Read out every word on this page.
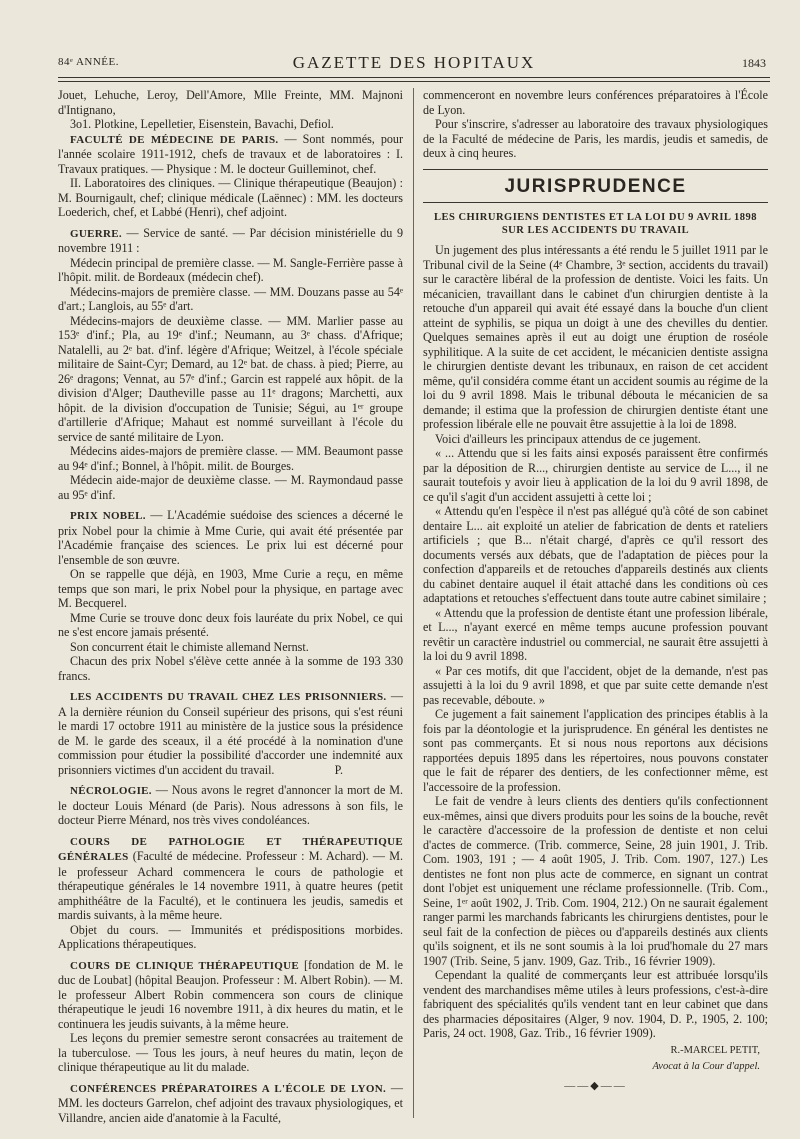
84ᵉ ANNÉE.	GAZETTE DES HOPITAUX	1843

Jouet, Lehuche, Leroy, Dell'Amore, Mlle Freinte, MM. Majnoni d'Intignano,

3o1. Plotkine, Lepelletier, Eisenstein, Bavachi, Defiol.

FACULTÉ DE MÉDECINE DE PARIS. — Sont nommés, pour l'année scolaire 1911-1912, chefs de travaux et de laboratoires : I. Travaux pratiques. — Physique : M. le docteur Guilleminot, chef.

II. Laboratoires des cliniques. — Clinique thérapeutique (Beaujon) : M. Bournigault, chef; clinique médicale (Laënnec) : MM. les docteurs Loederich, chef, et Labbé (Henri), chef adjoint.

GUERRE. — Service de santé. — Par décision ministérielle du 9 novembre 1911 :

Médecin principal de première classe. — M. Sangle-Ferrière passe à l'hôpit. milit. de Bordeaux (médecin chef).

Médecins-majors de première classe. — MM. Douzans passe au 54ᵉ d'art.; Langlois, au 55ᵉ d'art.

Médecins-majors de deuxième classe. — MM. Marlier passe au 153ᵉ d'inf.; Pla, au 19ᵉ d'inf.; Neumann, au 3ᵉ chass. d'Afrique; Natalelli, au 2ᵉ bat. d'inf. légère d'Afrique; Weitzel, à l'école spéciale militaire de Saint-Cyr; Demard, au 12ᵉ bat. de chass. à pied; Pierre, au 26ᵉ dragons; Vennat, au 57ᵉ d'inf.; Garcin est rappelé aux hôpit. de la division d'Alger; Dautheville passe au 11ᵉ dragons; Marchetti, aux hôpit. de la division d'occupation de Tunisie; Ségui, au 1ᵉʳ groupe d'artillerie d'Afrique; Mahaut est nommé surveillant à l'école du service de santé militaire de Lyon.

Médecins aides-majors de première classe. — MM. Beaumont passe au 94ᵉ d'inf.; Bonnel, à l'hôpit. milit. de Bourges.

Médecin aide-major de deuxième classe. — M. Raymondaud passe au 95ᵉ d'inf.

PRIX NOBEL. — L'Académie suédoise des sciences a décerné le prix Nobel pour la chimie à Mme Curie, qui avait été présentée par l'Académie française des sciences. Le prix lui est décerné pour l'ensemble de son œuvre.

On se rappelle que déjà, en 1903, Mme Curie a reçu, en même temps que son mari, le prix Nobel pour la physique, en partage avec M. Becquerel.

Mme Curie se trouve donc deux fois lauréate du prix Nobel, ce qui ne s'est encore jamais présenté.

Son concurrent était le chimiste allemand Nernst.

Chacun des prix Nobel s'élève cette année à la somme de 193 330 francs.

LES ACCIDENTS DU TRAVAIL CHEZ LES PRISONNIERS. — A la dernière réunion du Conseil supérieur des prisons, qui s'est réuni le mardi 17 octobre 1911 au ministère de la justice sous la présidence de M. le garde des sceaux, il a été procédé à la nomination d'une commission pour étudier la possibilité d'accorder une indemnité aux prisonniers victimes d'un accident du travail.	P.

NÉCROLOGIE. — Nous avons le regret d'annoncer la mort de M. le docteur Louis Ménard (de Paris). Nous adressons à son fils, le docteur Pierre Ménard, nos très vives condoléances.

COURS DE PATHOLOGIE ET THÉRAPEUTIQUE GÉNÉRALES (Faculté de médecine. Professeur : M. Achard). — M. le professeur Achard commencera le cours de pathologie et thérapeutique générales le 14 novembre 1911, à quatre heures (petit amphithéâtre de la Faculté), et le continuera les jeudis, samedis et mardis suivants, à la même heure.

Objet du cours. — Immunités et prédispositions morbides. Applications thérapeutiques.

COURS DE CLINIQUE THÉRAPEUTIQUE [fondation de M. le duc de Loubat] (hôpital Beaujon. Professeur : M. Albert Robin). — M. le professeur Albert Robin commencera son cours de clinique thérapeutique le jeudi 16 novembre 1911, à dix heures du matin, et le continuera les jeudis suivants, à la même heure.

Les leçons du premier semestre seront consacrées au traitement de la tuberculose. — Tous les jours, à neuf heures du matin, leçon de clinique thérapeutique au lit du malade.

CONFÉRENCES PRÉPARATOIRES A L'ÉCOLE DE LYON. — MM. les docteurs Garrelon, chef adjoint des travaux physiologiques, et Villandre, ancien aide d'anatomie à la Faculté,

commenceront en novembre leurs conférences préparatoires à l'École de Lyon.

Pour s'inscrire, s'adresser au laboratoire des travaux physiologiques de la Faculté de médecine de Paris, les mardis, jeudis et samedis, de deux à cinq heures.

JURISPRUDENCE
LES CHIRURGIENS DENTISTES ET LA LOI DU 9 AVRIL 1898 SUR LES ACCIDENTS DU TRAVAIL

Un jugement des plus intéressants a été rendu le 5 juillet 1911 par le Tribunal civil de la Seine (4ᵉ Chambre, 3ᵉ section, accidents du travail) sur le caractère libéral de la profession de dentiste. Voici les faits. Un mécanicien, travaillant dans le cabinet d'un chirurgien dentiste à la retouche d'un appareil qui avait été essayé dans la bouche d'un client atteint de syphilis, se piqua un doigt à une des chevilles du dentier. Quelques semaines après il eut au doigt une éruption de roséole syphilitique. A la suite de cet accident, le mécanicien dentiste assigna le chirurgien dentiste devant les tribunaux, en raison de cet accident même, qu'il considéra comme étant un accident soumis au régime de la loi du 9 avril 1898. Mais le tribunal débouta le mécanicien de sa demande; il estima que la profession de chirurgien dentiste étant une profession libérale elle ne pouvait être assujettie à la loi de 1898.

Voici d'ailleurs les principaux attendus de ce jugement.

« ... Attendu que si les faits ainsi exposés paraissent être confirmés par la déposition de R..., chirurgien dentiste au service de L..., il ne saurait toutefois y avoir lieu à application de la loi du 9 avril 1898, de ce qu'il s'agit d'un accident assujetti à cette loi ;

« Attendu qu'en l'espèce il n'est pas allégué qu'à côté de son cabinet dentaire L... ait exploité un atelier de fabrication de dents et rateliers artificiels ; que B... n'était chargé, d'après ce qu'il ressort des documents versés aux débats, que de l'adaptation de pièces pour la confection d'appareils et de retouches d'appareils destinés aux clients du cabinet dentaire auquel il était attaché dans les conditions où ces adaptations et retouches s'effectuent dans toute autre cabinet similaire ;

« Attendu que la profession de dentiste étant une profession libérale, et L..., n'ayant exercé en même temps aucune profession pouvant revêtir un caractère industriel ou commercial, ne saurait être assujetti à la loi du 9 avril 1898.

« Par ces motifs, dit que l'accident, objet de la demande, n'est pas assujetti à la loi du 9 avril 1898, et que par suite cette demande n'est pas recevable, déboute. »

Ce jugement a fait sainement l'application des principes établis à la fois par la déontologie et la jurisprudence. En général les dentistes ne sont pas commerçants. Et si nous nous reportons aux décisions rapportées depuis 1895 dans les répertoires, nous pouvons constater que le fait de réparer des dentiers, de les confectionner même, est l'accessoire de la profession.

Le fait de vendre à leurs clients des dentiers qu'ils confectionnent eux-mêmes, ainsi que divers produits pour les soins de la bouche, revêt le caractère d'accessoire de la profession de dentiste et non celui d'actes de commerce. (Trib. commerce, Seine, 28 juin 1901, J. Trib. Com. 1903, 191 ; — 4 août 1905, J. Trib. Com. 1907, 127.) Les dentistes ne font non plus acte de commerce, en signant un contrat dont l'objet est uniquement une réclame professionnelle. (Trib. Com., Seine, 1ᵉʳ août 1902, J. Trib. Com. 1904, 212.) On ne saurait également ranger parmi les marchands fabricants les chirurgiens dentistes, pour le seul fait de la confection de pièces ou d'appareils destinés aux clients qu'ils soignent, et ils ne sont soumis à la loi prud'homale du 27 mars 1907 (Trib. Seine, 5 janv. 1909, Gaz. Trib., 16 février 1909).

Cependant la qualité de commerçants leur est attribuée lorsqu'ils vendent des marchandises même utiles à leurs professions, c'est-à-dire fabriquent des spécialités qu'ils vendent tant en leur cabinet que dans des pharmacies dépositaires (Alger, 9 nov. 1904, D. P., 1905, 2. 100; Paris, 24 oct. 1908, Gaz. Trib., 16 février 1909).

R.-MARCEL PETIT,
Avocat à la Cour d'appel.
——◆——
